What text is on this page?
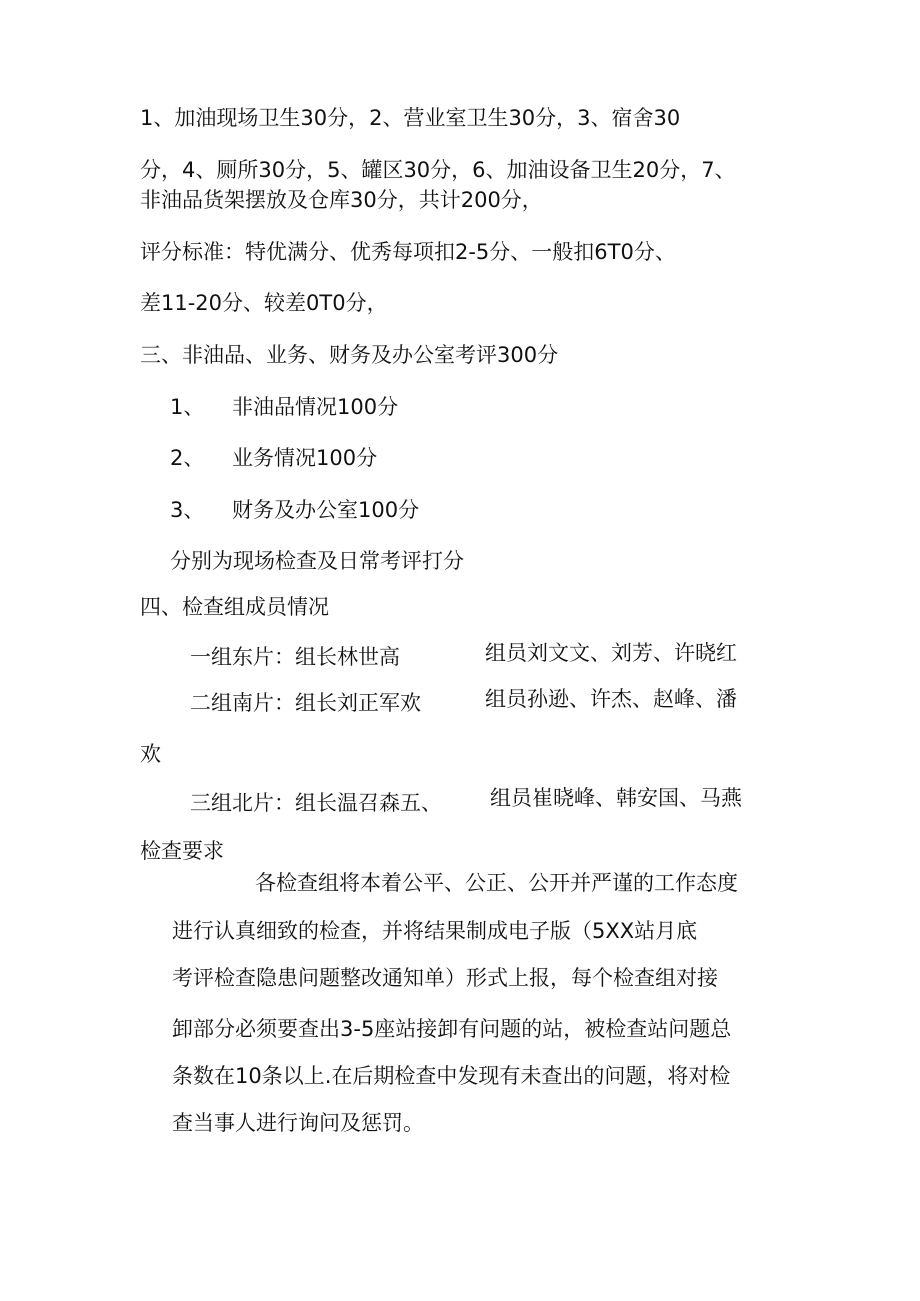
1、加油现场卫生30分，2、营业室卫生30分，3、宿舍30

分，4、厕所30分，5、罐区30分，6、加油设备卫生20分，7、

非油品货架摆放及仓库30分，共计200分，

评分标准：特优满分、优秀每项扣2-5分、一般扣6T0分、

差11-20分、较差0T0分，

三、非油品、业务、财务及办公室考评300分

1、 非油品情况100分

2、 业务情况100分

3、 财务及办公室100分

分别为现场检查及日常考评打分

四、检查组成员情况

一组东片：组长林世高	组员刘文文、刘芳、许晓红

二组南片：组长刘正军欢	组员孙逊、许杰、赵峰、潘

欢

三组北片：组长温召森五、 组员崔晓峰、韩安国、马燕

检查要求

各检查组将本着公平、公正、公开并严谨的工作态度

进行认真细致的检查，并将结果制成电子版（5XX站月底

考评检查隐患问题整改通知单）形式上报，每个检查组对接

卸部分必须要查出3-5座站接卸有问题的站，被检查站问题总

条数在10条以上.在后期检查中发现有未查出的问题，将对检

查当事人进行询问及惩罚。
